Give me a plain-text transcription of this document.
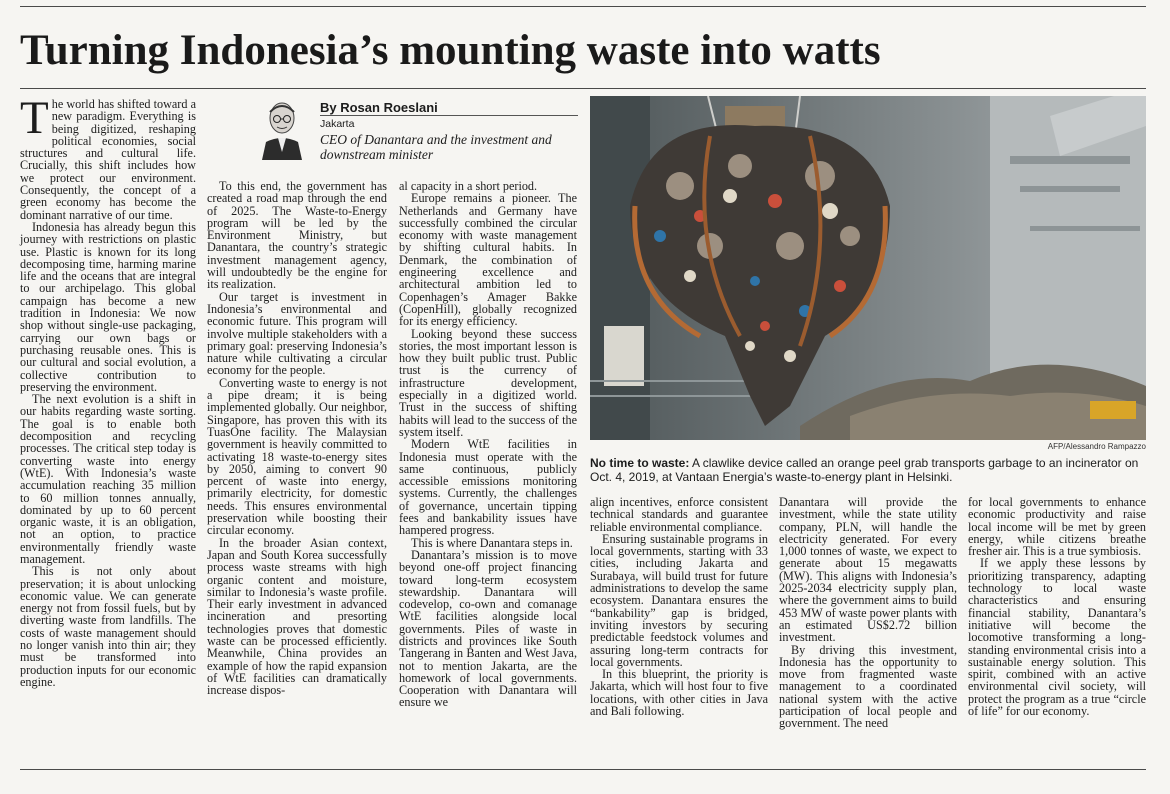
Turning Indonesia’s mounting waste into watts

The world has shifted toward a new paradigm. Everything is being digitized, reshaping political economies, social structures and cultural life. Crucially, this shift includes how we protect our environment. Consequently, the concept of a green economy has become the dominant narrative of our time.

Indonesia has already begun this journey with restrictions on plastic use. Plastic is known for its long decomposing time, harming marine life and the oceans that are integral to our archipelago. This global campaign has become a new tradition in Indonesia: We now shop without single-use packaging, carrying our own bags or purchasing reusable ones. This is our cultural and social evolution, a collective contribution to preserving the environment.

The next evolution is a shift in our habits regarding waste sorting. The goal is to enable both decomposition and recycling processes. The critical step today is converting waste into energy (WtE). With Indonesia’s waste accumulation reaching 35 million to 60 million tonnes annually, dominated by up to 60 percent organic waste, it is an obligation, not an option, to practice environmentally friendly waste management.

This is not only about preservation; it is about unlocking economic value. We can generate energy not from fossil fuels, but by diverting waste from landfills. The costs of waste management should no longer vanish into thin air; they must be transformed into production inputs for our economic engine.

By Rosan Roeslani
Jakarta
CEO of Danantara and the investment and downstream minister

To this end, the government has created a road map through the end of 2025. The Waste-to-Energy program will be led by the Environment Ministry, but Danantara, the country’s strategic investment management agency, will undoubtedly be the engine for its realization.

Our target is investment in Indonesia’s environmental and economic future. This program will involve multiple stakeholders with a primary goal: preserving Indonesia’s nature while cultivating a circular economy for the people.

Converting waste to energy is not a pipe dream; it is being implemented globally. Our neighbor, Singapore, has proven this with its TuasOne facility. The Malaysian government is heavily committed to activating 18 waste-to-energy sites by 2050, aiming to convert 90 percent of waste into energy, primarily electricity, for domestic needs. This ensures environmental preservation while boosting their circular economy.

In the broader Asian context, Japan and South Korea successfully process waste streams with high organic content and moisture, similar to Indonesia’s waste profile. Their early investment in advanced incineration and presorting technologies proves that domestic waste can be processed efficiently. Meanwhile, China provides an example of how the rapid expansion of WtE facilities can dramatically increase dispos-

al capacity in a short period.

Europe remains a pioneer. The Netherlands and Germany have successfully combined the circular economy with waste management by shifting cultural habits. In Denmark, the combination of engineering excellence and architectural ambition led to Copenhagen’s Amager Bakke (CopenHill), globally recognized for its energy efficiency.

Looking beyond these success stories, the most important lesson is how they built public trust. Public trust is the currency of infrastructure development, especially in a digitized world. Trust in the success of shifting habits will lead to the success of the system itself.

Modern WtE facilities in Indonesia must operate with the same continuous, publicly accessible emissions monitoring systems. Currently, the challenges of governance, uncertain tipping fees and bankability issues have hampered progress.

This is where Danantara steps in.

Danantara’s mission is to move beyond one-off project financing toward long-term ecosystem stewardship. Danantara will codevelop, co-own and comanage WtE facilities alongside local governments. Piles of waste in districts and provinces like South Tangerang in Banten and West Java, not to mention Jakarta, are the homework of local governments. Cooperation with Danantara will ensure we

AFP/Alessandro Rampazzo
No time to waste: A clawlike device called an orange peel grab transports garbage to an incinerator on Oct. 4, 2019, at Vantaan Energia’s waste-to-energy plant in Helsinki.

align incentives, enforce consistent technical standards and guarantee reliable environmental compliance.

Ensuring sustainable programs in local governments, starting with 33 cities, including Jakarta and Surabaya, will build trust for future administrations to develop the same ecosystem. Danantara ensures the “bankability” gap is bridged, inviting investors by securing predictable feedstock volumes and assuring long-term contracts for local governments.

In this blueprint, the priority is Jakarta, which will host four to five locations, with other cities in Java and Bali following.

Danantara will provide the investment, while the state utility company, PLN, will handle the electricity generated. For every 1,000 tonnes of waste, we expect to generate about 15 megawatts (MW). This aligns with Indonesia’s 2025-2034 electricity supply plan, where the government aims to build 453 MW of waste power plants with an estimated US$2.72 billion investment.

By driving this investment, Indonesia has the opportunity to move from fragmented waste management to a coordinated national system with the active participation of local people and government. The need

for local governments to enhance economic productivity and raise local income will be met by green energy, while citizens breathe fresher air. This is a true symbiosis.

If we apply these lessons by prioritizing transparency, adapting technology to local waste characteristics and ensuring financial stability, Danantara’s initiative will become the locomotive transforming a long-standing environmental crisis into a sustainable energy solution. This spirit, combined with an active environmental civil society, will protect the program as a true “circle of life” for our economy.
